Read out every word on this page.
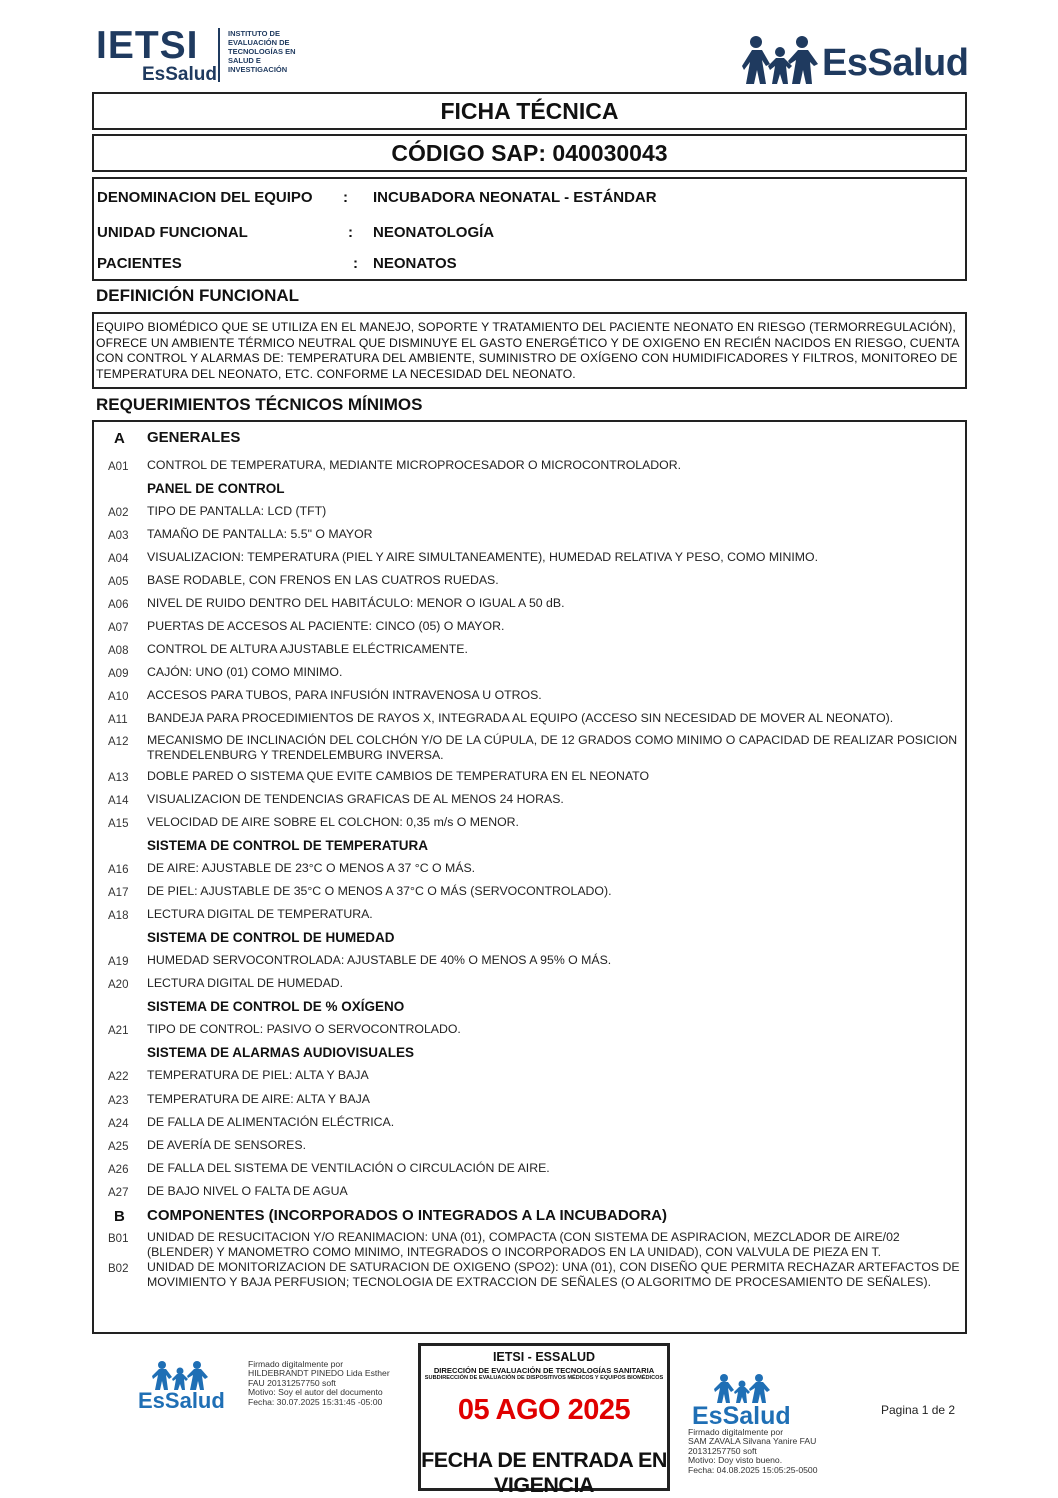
IETSI
EsSalud
INSTITUTO DE
EVALUACIÓN DE
TECNOLOGÍAS EN
SALUD E
INVESTIGACIÓN	EsSalud
FICHA TÉCNICA
CÓDIGO SAP: 040030043
DENOMINACION DEL EQUIPO : INCUBADORA NEONATAL - ESTÁNDAR
UNIDAD FUNCIONAL	: NEONATOLOGÍA
PACIENTES	: NEONATOS
DEFINICIÓN FUNCIONAL
EQUIPO BIOMÉDICO QUE SE UTILIZA EN EL MANEJO, SOPORTE Y TRATAMIENTO DEL PACIENTE NEONATO EN RIESGO (TERMORREGULACIÓN), OFRECE UN AMBIENTE TÉRMICO NEUTRAL QUE DISMINUYE EL GASTO ENERGÉTICO Y DE OXIGENO EN RECIÉN NACIDOS EN RIESGO, CUENTA CON CONTROL Y ALARMAS DE: TEMPERATURA DEL AMBIENTE, SUMINISTRO DE OXÍGENO CON HUMIDIFICADORES Y FILTROS, MONITOREO DE TEMPERATURA DEL NEONATO, ETC. CONFORME LA NECESIDAD DEL NEONATO.
REQUERIMIENTOS TÉCNICOS MÍNIMOS
A GENERALES
A01 CONTROL DE TEMPERATURA, MEDIANTE MICROPROCESADOR O MICROCONTROLADOR.
PANEL DE CONTROL
A02 TIPO DE PANTALLA: LCD (TFT)
A03 TAMAÑO DE PANTALLA: 5.5" O MAYOR
A04 VISUALIZACION: TEMPERATURA (PIEL Y AIRE SIMULTANEAMENTE), HUMEDAD RELATIVA Y PESO, COMO MINIMO.
A05 BASE RODABLE, CON FRENOS EN LAS CUATROS RUEDAS.
A06 NIVEL DE RUIDO DENTRO DEL HABITÁCULO: MENOR O IGUAL A 50 dB.
A07 PUERTAS DE ACCESOS AL PACIENTE: CINCO (05) O MAYOR.
A08 CONTROL DE ALTURA AJUSTABLE ELÉCTRICAMENTE.
A09 CAJÓN: UNO (01) COMO MINIMO.
A10 ACCESOS PARA TUBOS, PARA INFUSIÓN INTRAVENOSA U OTROS.
A11 BANDEJA PARA PROCEDIMIENTOS DE RAYOS X, INTEGRADA AL EQUIPO (ACCESO SIN NECESIDAD DE MOVER AL NEONATO).
A12 MECANISMO DE INCLINACIÓN DEL COLCHÓN Y/O DE LA CÚPULA, DE 12 GRADOS COMO MINIMO O CAPACIDAD DE REALIZAR POSICION TRENDELENBURG Y TRENDELEMBURG INVERSA.
A13 DOBLE PARED O SISTEMA QUE EVITE CAMBIOS DE TEMPERATURA EN EL NEONATO
A14 VISUALIZACION DE TENDENCIAS GRAFICAS DE AL MENOS 24 HORAS.
A15 VELOCIDAD DE AIRE SOBRE EL COLCHON: 0,35 m/s O MENOR.
SISTEMA DE CONTROL DE TEMPERATURA
A16 DE AIRE: AJUSTABLE DE 23°C O MENOS A 37 °C O MÁS.
A17 DE PIEL: AJUSTABLE DE 35°C O MENOS A 37°C O MÁS (SERVOCONTROLADO).
A18 LECTURA DIGITAL DE TEMPERATURA.
SISTEMA DE CONTROL DE HUMEDAD
A19 HUMEDAD SERVOCONTROLADA: AJUSTABLE DE 40% O MENOS A 95% O MÁS.
A20 LECTURA DIGITAL DE HUMEDAD.
SISTEMA DE CONTROL DE % OXÍGENO
A21 TIPO DE CONTROL: PASIVO O SERVOCONTROLADO.
SISTEMA DE ALARMAS AUDIOVISUALES
A22 TEMPERATURA DE PIEL: ALTA Y BAJA
A23 TEMPERATURA DE AIRE: ALTA Y BAJA
A24 DE FALLA DE ALIMENTACIÓN ELÉCTRICA.
A25 DE AVERÍA DE SENSORES.
A26 DE FALLA DEL SISTEMA DE VENTILACIÓN O CIRCULACIÓN DE AIRE.
A27 DE BAJO NIVEL O FALTA DE AGUA
B COMPONENTES (INCORPORADOS O INTEGRADOS A LA INCUBADORA)
B01 UNIDAD DE RESUCITACION Y/O REANIMACION: UNA (01), COMPACTA (CON SISTEMA DE ASPIRACION, MEZCLADOR DE AIRE/02 (BLENDER) Y MANOMETRO COMO MINIMO, INTEGRADOS O INCORPORADOS EN LA UNIDAD), CON VALVULA DE PIEZA EN T.
B02 UNIDAD DE MONITORIZACION DE SATURACION DE OXIGENO (SPO2): UNA (01), CON DISEÑO QUE PERMITA RECHAZAR ARTEFACTOS DE MOVIMIENTO Y BAJA PERFUSION; TECNOLOGIA DE EXTRACCION DE SEÑALES (O ALGORITMO DE PROCESAMIENTO DE SEÑALES).
EsSalud
Firmado digitalmente por
HILDEBRANDT PINEDO Lida Esther
FAU 20131257750 soft
Motivo: Soy el autor del documento
Fecha: 30.07.2025 15:31:45 -05:00
IETSI - ESSALUD
DIRECCIÓN DE EVALUACIÓN DE TECNOLOGÍAS SANITARIA
SUBDIRECCIÓN DE EVALUACIÓN DE DISPOSITIVOS MÉDICOS Y EQUIPOS BIOMÉDICOS
05 AGO 2025
FECHA DE ENTRADA EN VIGENCIA
EsSalud
Firmado digitalmente por
SAM ZAVALA Silvana Yanire FAU
20131257750 soft
Motivo: Doy visto bueno.
Fecha: 04.08.2025 15:05:25-0500
Pagina 1 de 2
